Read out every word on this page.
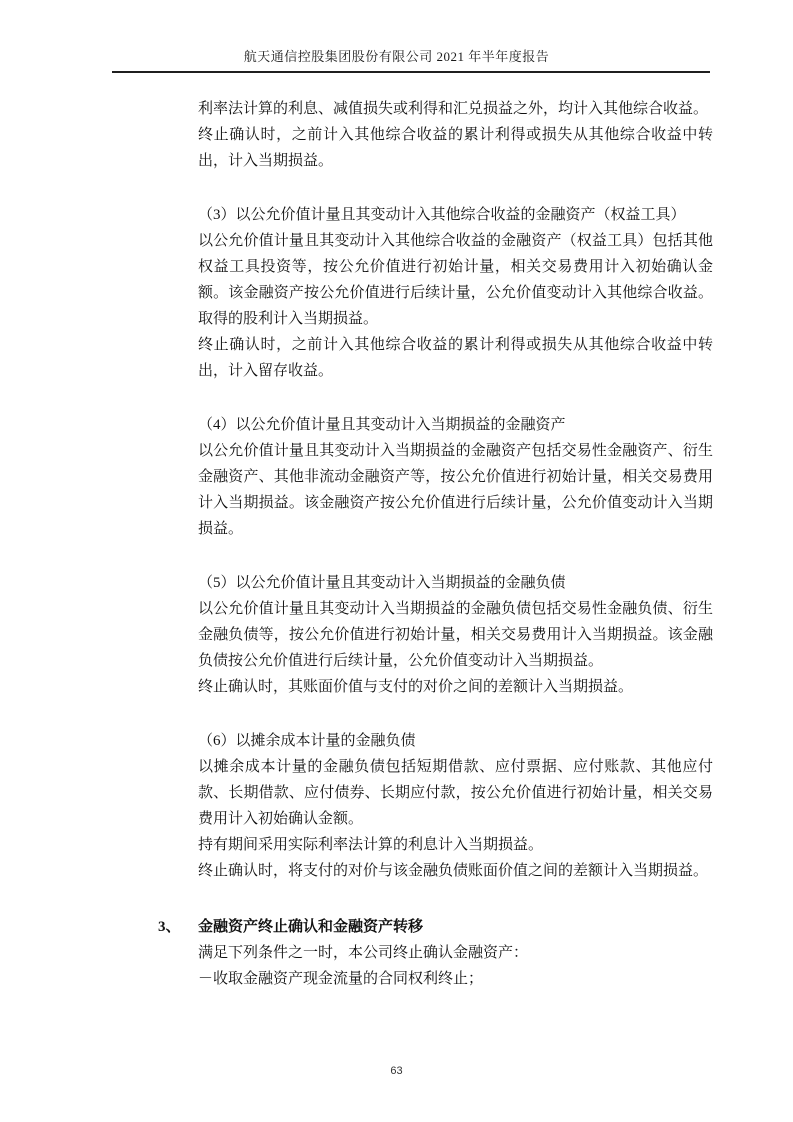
航天通信控股集团股份有限公司 2021 年半年度报告

利率法计算的利息、减值损失或利得和汇兑损益之外，均计入其他综合收益。

终止确认时，之前计入其他综合收益的累计利得或损失从其他综合收益中转出，计入当期损益。

（3）以公允价值计量且其变动计入其他综合收益的金融资产（权益工具）

以公允价值计量且其变动计入其他综合收益的金融资产（权益工具）包括其他权益工具投资等，按公允价值进行初始计量，相关交易费用计入初始确认金额。该金融资产按公允价值进行后续计量，公允价值变动计入其他综合收益。取得的股利计入当期损益。

终止确认时，之前计入其他综合收益的累计利得或损失从其他综合收益中转出，计入留存收益。

（4）以公允价值计量且其变动计入当期损益的金融资产

以公允价值计量且其变动计入当期损益的金融资产包括交易性金融资产、衍生金融资产、其他非流动金融资产等，按公允价值进行初始计量，相关交易费用计入当期损益。该金融资产按公允价值进行后续计量，公允价值变动计入当期损益。

（5）以公允价值计量且其变动计入当期损益的金融负债

以公允价值计量且其变动计入当期损益的金融负债包括交易性金融负债、衍生金融负债等，按公允价值进行初始计量，相关交易费用计入当期损益。该金融负债按公允价值进行后续计量，公允价值变动计入当期损益。

终止确认时，其账面价值与支付的对价之间的差额计入当期损益。

（6）以摊余成本计量的金融负债

以摊余成本计量的金融负债包括短期借款、应付票据、应付账款、其他应付款、长期借款、应付债券、长期应付款，按公允价值进行初始计量，相关交易费用计入初始确认金额。

持有期间采用实际利率法计算的利息计入当期损益。

终止确认时，将支付的对价与该金融负债账面价值之间的差额计入当期损益。

3、 金融资产终止确认和金融资产转移

满足下列条件之一时，本公司终止确认金融资产：

－收取金融资产现金流量的合同权利终止；

63
